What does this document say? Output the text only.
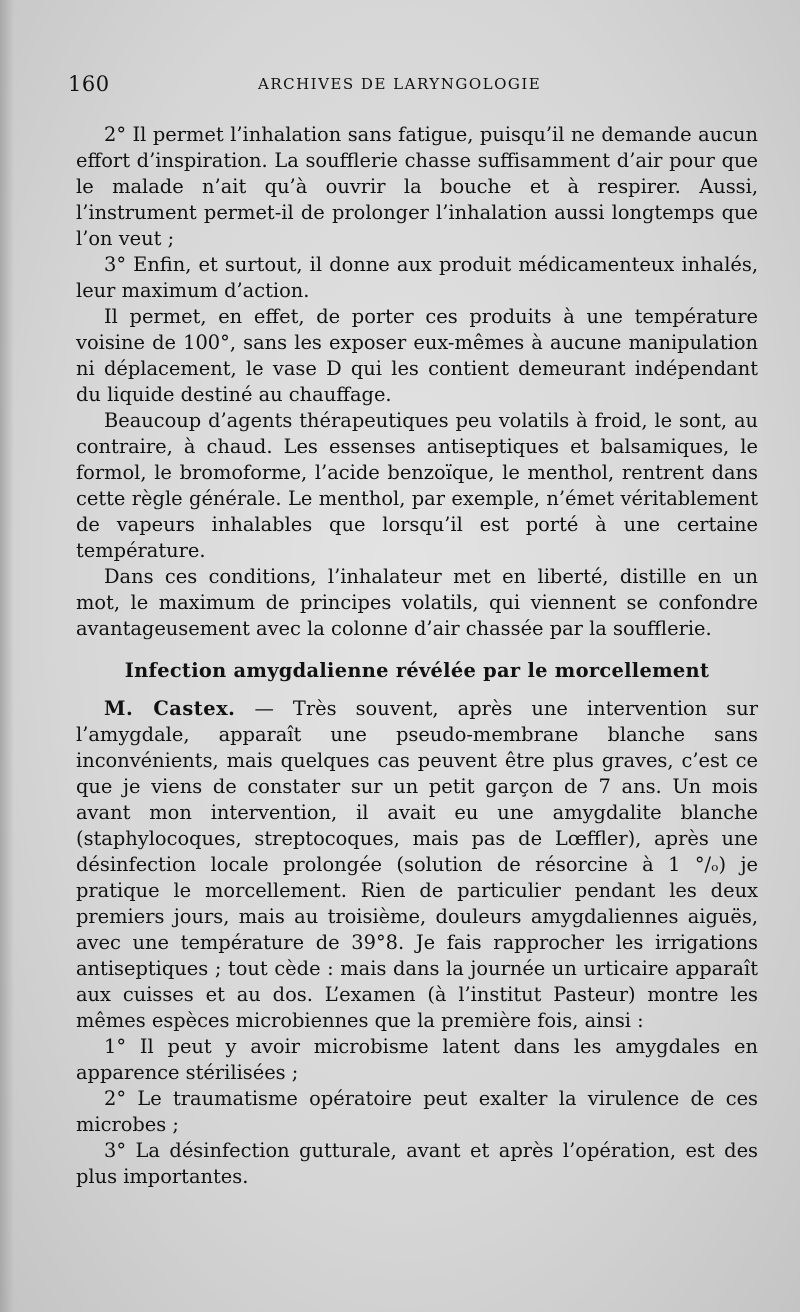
160	ARCHIVES DE LARYNGOLOGIE

2° Il permet l’inhalation sans fatigue, puisqu’il ne demande aucun effort d’inspiration. La soufflerie chasse suffisamment d’air pour que le malade n’ait qu’à ouvrir la bouche et à respirer. Aussi, l’instrument permet-il de prolonger l’inhalation aussi longtemps que l’on veut ;

3° Enfin, et surtout, il donne aux produit médicamenteux inhalés, leur maximum d’action.

Il permet, en effet, de porter ces produits à une température voisine de 100°, sans les exposer eux-mêmes à aucune manipulation ni déplacement, le vase D qui les contient demeurant indépendant du liquide destiné au chauffage.

Beaucoup d’agents thérapeutiques peu volatils à froid, le sont, au contraire, à chaud. Les essenses antiseptiques et balsamiques, le formol, le bromoforme, l’acide benzoïque, le menthol, rentrent dans cette règle générale. Le menthol, par exemple, n’émet véritablement de vapeurs inhalables que lorsqu’il est porté à une certaine température.

Dans ces conditions, l’inhalateur met en liberté, distille en un mot, le maximum de principes volatils, qui viennent se confondre avantageusement avec la colonne d’air chassée par la soufflerie.

Infection amygdalienne révélée par le morcellement

M. Castex. — Très souvent, après une intervention sur l’amygdale, apparaît une pseudo-membrane blanche sans inconvénients, mais quelques cas peuvent être plus graves, c’est ce que je viens de constater sur un petit garçon de 7 ans. Un mois avant mon intervention, il avait eu une amygdalite blanche (staphylocoques, streptocoques, mais pas de Lœffler), après une désinfection locale prolongée (solution de résorcine à 1 °/ₒ) je pratique le morcellement. Rien de particulier pendant les deux premiers jours, mais au troisième, douleurs amygdaliennes aiguës, avec une température de 39°8. Je fais rapprocher les irrigations antiseptiques ; tout cède : mais dans la journée un urticaire apparaît aux cuisses et au dos. L’examen (à l’institut Pasteur) montre les mêmes espèces microbiennes que la première fois, ainsi :

1° Il peut y avoir microbisme latent dans les amygdales en apparence stérilisées ;

2° Le traumatisme opératoire peut exalter la virulence de ces microbes ;

3° La désinfection gutturale, avant et après l’opération, est des plus importantes.
